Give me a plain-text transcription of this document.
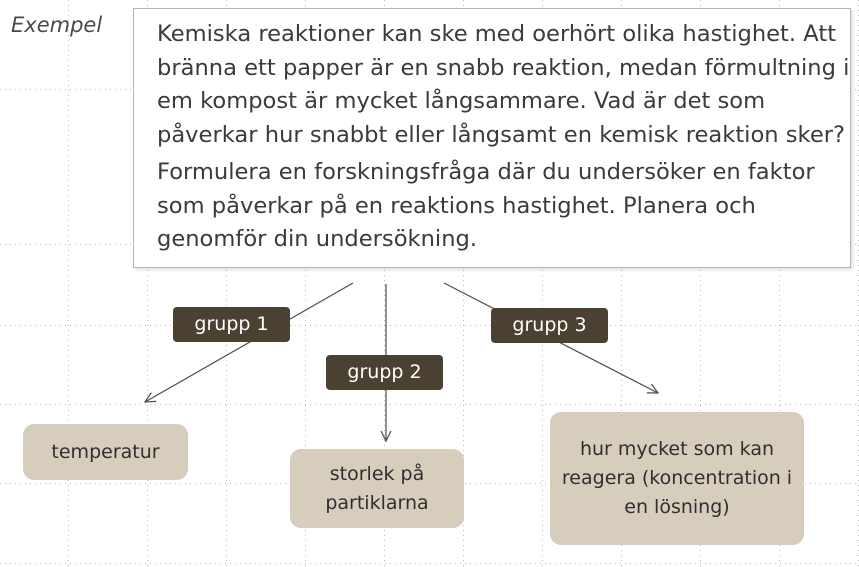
Exempel Kemiska reaktioner kan ske med oerhört olika hastighet. Att bränna ett papper är en snabb reaktion, medan förmultning i em kompost är mycket långsammare. Vad är det som påverkar hur snabbt eller långsamt en kemisk reaktion sker?

Formulera en forskningsfråga där du undersöker en faktor som påverkar på en reaktions hastighet. Planera och genomför din undersökning.

grupp 1
grupp 2
grupp 3
temperatur
storlek på partiklarna
hur mycket som kan reagera (koncentration i en lösning)
